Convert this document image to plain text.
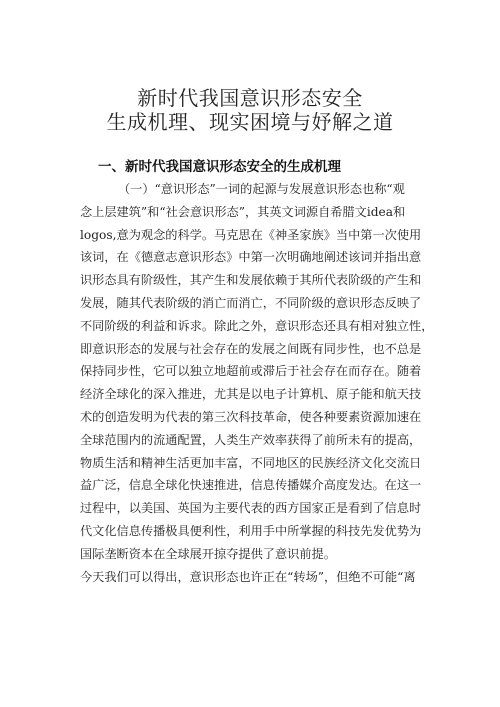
新时代我国意识形态安全
生成机理、现实困境与妤解之道
一、新时代我国意识形态安全的生成机理
（一）“意识形态”一词的起源与发展意识形态也称“观
念上层建筑”和“社会意识形态”，其英文词源自希腊文idea和
logos,意为观念的科学。马克思在《神圣家族》当中第一次使用
该词，在《德意志意识形态》中第一次明确地阐述该词并指出意
识形态具有阶级性，其产生和发展依赖于其所代表阶级的产生和
发展，随其代表阶级的消亡而消亡，不同阶级的意识形态反映了
不同阶级的利益和诉求。除此之外，意识形态还具有相对独立性，
即意识形态的发展与社会存在的发展之间既有同步性，也不总是
保持同步性，它可以独立地超前或滞后于社会存在而存在。随着
经济全球化的深入推进，尤其是以电子计算机、原子能和航天技
术的创造发明为代表的第三次科技革命，使各种要素资源加速在
全球范围内的流通配置，人类生产效率获得了前所未有的提高，
物质生活和精神生活更加丰富，不同地区的民族经济文化交流日
益广泛，信息全球化快速推进，信息传播媒介高度发达。在这一
过程中，以美国、英国为主要代表的西方国家正是看到了信息时
代文化信息传播极具便利性，利用手中所掌握的科技先发优势为
国际垄断资本在全球展开掠夺提供了意识前提。
今天我们可以得出，意识形态也许正在“转场”，但绝不可能“离
